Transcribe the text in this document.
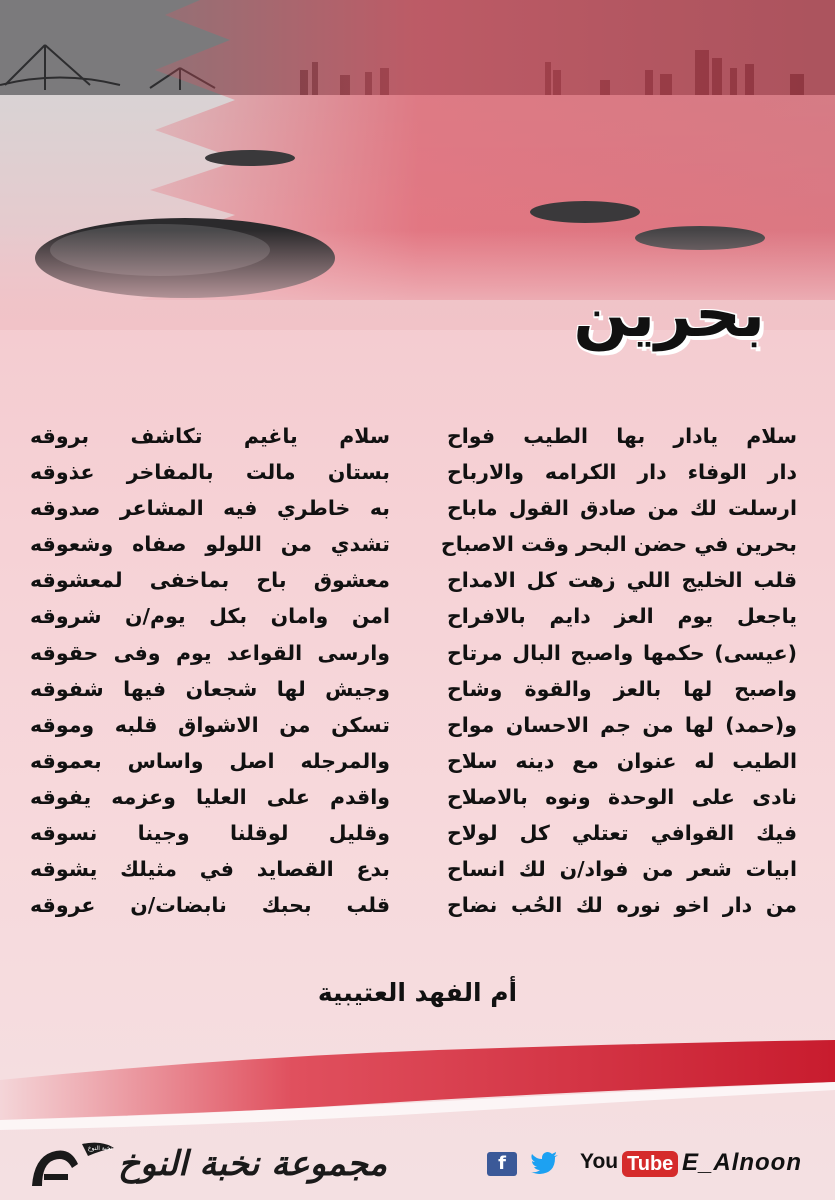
بحرين
سلام يادار بها الطيب فواح
دار الوفاء دار الكرامه والارباح
ارسلت لك من صادق القول ماباح
بحرين في حضن البحر وقت الاصباح
قلب الخليج اللي زهت كل الامداح
ياجعل يوم العز دايم بالافراح
(عيسى) حكمها واصبح البال مرتاح
واصبح لها بالعز والقوة وشاح
و(حمد) لها من جم الاحسان مواح
الطيب له عنوان مع دينه سلاح
نادى على الوحدة ونوه بالاصلاح
فيك القوافي تعتلي كل لولاح
ابيات شعر من فواد/ن لك انساح
من دار اخو نوره لك الحُب نضاح
سلام ياغيم تكاشف بروقه
بستان مالت بالمفاخر عذوقه
به خاطري فيه المشاعر صدوقه
تشدي من اللولو صفاه وشعوقه
معشوق باح بماخفى لمعشوقه
امن وامان بكل يوم/ن شروقه
وارسى القواعد يوم وفى حقوقه
وجيش لها شجعان فيها شفوقه
تسكن من الاشواق قلبه وموقه
والمرجله اصل واساس بعموقه
واقدم على العليا وعزمه يفوقه
وقليل لوقلنا وجينا نسوقه
بدع القصايد في مثيلك يشوقه
قلب بحبك نابضات/ن عروقه
أم الفهد العتيبية
نخبة النوخ مجموعة نخبة النوخ	f	You Tube E_Alnoon
